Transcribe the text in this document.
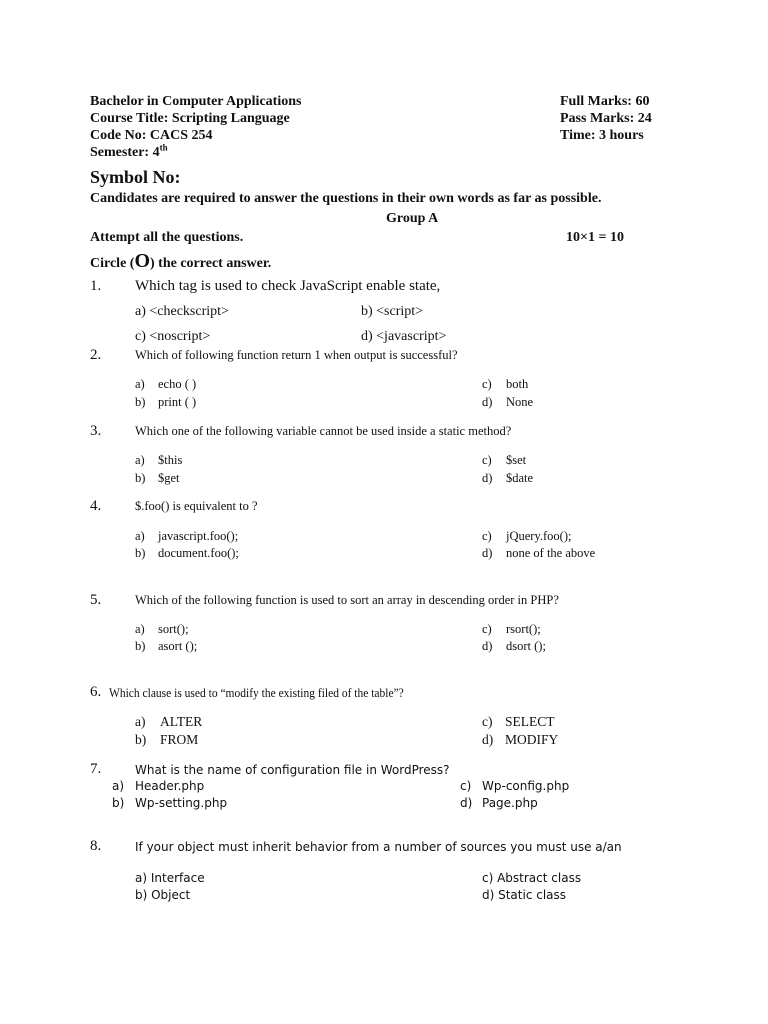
Bachelor in Computer Applications
Course Title: Scripting Language
Code No: CACS 254
Semester: 4th
Full Marks: 60
Pass Marks: 24
Time: 3 hours
Symbol No:
Candidates are required to answer the questions in their own words as far as possible.
Group A
Attempt all the questions.	10×1 = 10
Circle (O) the correct answer.
1. Which tag is used to check JavaScript enable state,
a) <checkscript>	b) <script>
c) <noscript>	d) <javascript>
2.	Which of following function return 1 when output is successful?
a) echo ( )
b) print ( )
c) both
d) None
3.	Which one of the following variable cannot be used inside a static method?
a) $this
b) $get
c) $set
d) $date
4.	$.foo() is equivalent to ?
a) javascript.foo();
b) document.foo();
c) jQuery.foo();
d) none of the above
5.	Which of the following function is used to sort an array in descending order in PHP?
a) sort();
b) asort ();
c) rsort();
d) dsort ();
6. Which clause is used to “modify the existing filed of the table”?
a) ALTER
b) FROM
c) SELECT
d) MODIFY
7.	What is the name of configuration file in WordPress?
a) Header.php
b) Wp-setting.php
c) Wp-config.php
d) Page.php
8.	If your object must inherit behavior from a number of sources you must use a/an
a) Interface
b) Object
c) Abstract class
d) Static class
